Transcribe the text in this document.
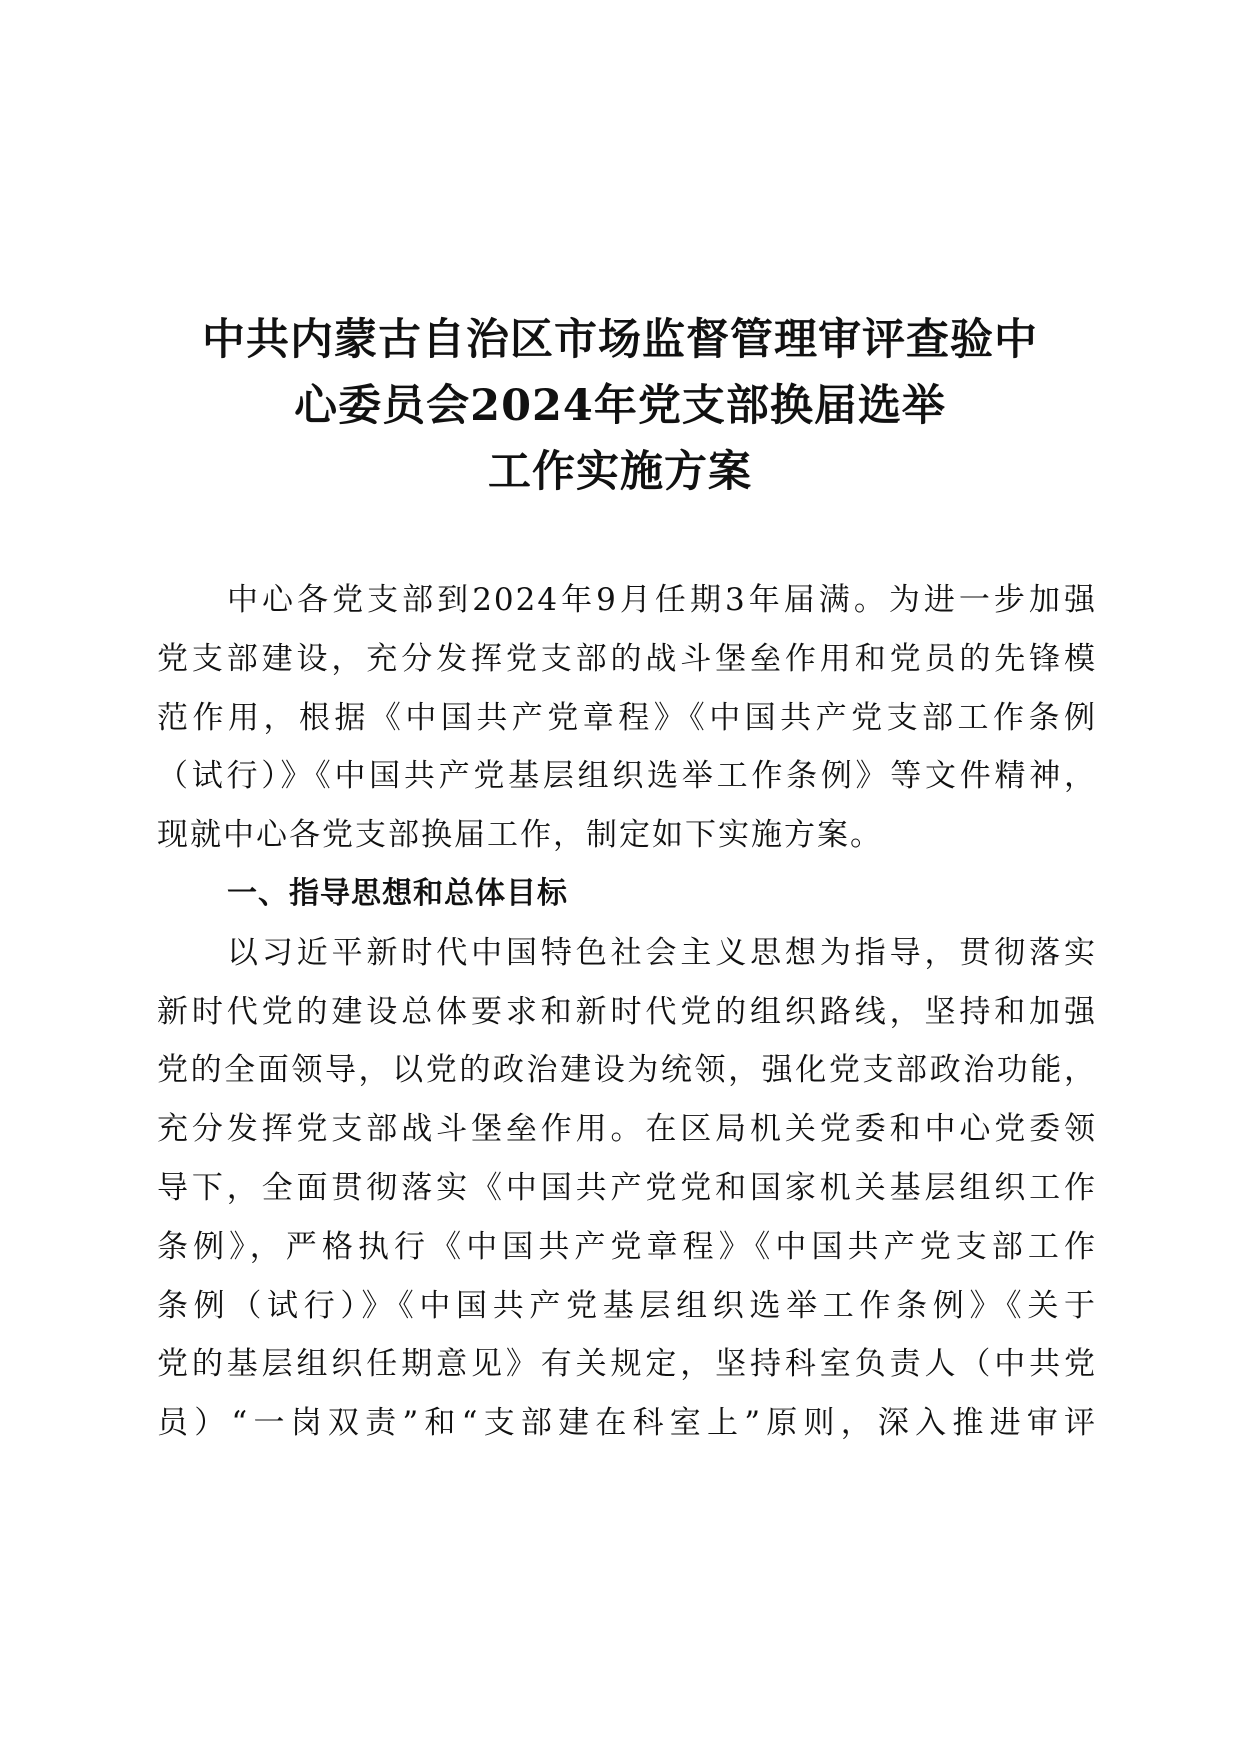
中共内蒙古自治区市场监督管理审评查验中
心委员会2024年党支部换届选举
工作实施方案
中心各党支部到2024年9月任期3年届满。为进一步加强
党支部建设，充分发挥党支部的战斗堡垒作用和党员的先锋模
范作用，根据《中国共产党章程》《中国共产党支部工作条例
（试行）》《中国共产党基层组织选举工作条例》等文件精神，
现就中心各党支部换届工作，制定如下实施方案。
一、指导思想和总体目标
以习近平新时代中国特色社会主义思想为指导，贯彻落实
新时代党的建设总体要求和新时代党的组织路线，坚持和加强
党的全面领导，以党的政治建设为统领，强化党支部政治功能，
充分发挥党支部战斗堡垒作用。在区局机关党委和中心党委领
导下，全面贯彻落实《中国共产党党和国家机关基层组织工作
条例》，严格执行《中国共产党章程》《中国共产党支部工作
条例（试行）》《中国共产党基层组织选举工作条例》《关于
党的基层组织任期意见》有关规定，坚持科室负责人（中共党
员）“一岗双责”和“支部建在科室上”原则，深入推进审评
